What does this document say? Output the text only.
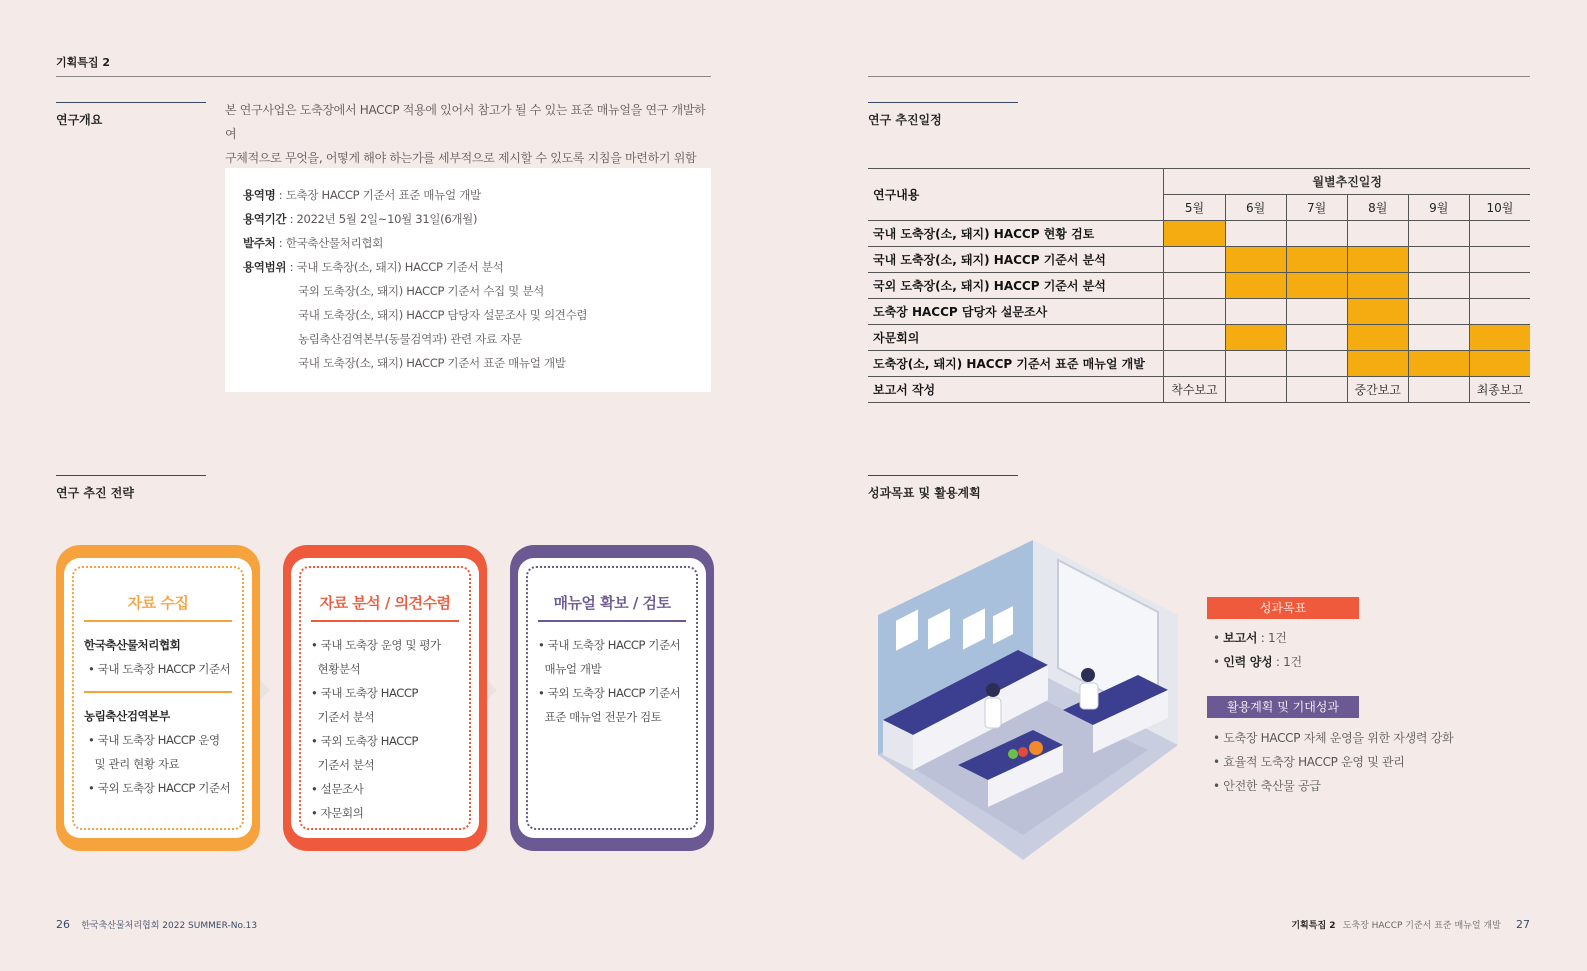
기획특집 2
연구개요
본 연구사업은 도축장에서 HACCP 적용에 있어서 참고가 될 수 있는 표준 매뉴얼을 연구 개발하여
구체적으로 무엇을, 어떻게 해야 하는가를 세부적으로 제시할 수 있도록 지침을 마련하기 위함
용역명 : 도축장 HACCP 기준서 표준 매뉴얼 개발
용역기간 : 2022년 5월 2일~10월 31일(6개월)
발주처 : 한국축산물처리협회
용역범위 : 국내 도축장(소, 돼지) HACCP 기준서 분석
국외 도축장(소, 돼지) HACCP 기준서 수집 및 분석
국내 도축장(소, 돼지) HACCP 담당자 설문조사 및 의견수렴
농림축산검역본부(동물검역과) 관련 자료 자문
국내 도축장(소, 돼지) HACCP 기준서 표준 매뉴얼 개발
연구 추진 전략
자료 수집
한국축산물처리협회
• 국내 도축장 HACCP 기준서
농림축산검역본부
• 국내 도축장 HACCP 운영
및 관리 현황 자료
• 국외 도축장 HACCP 기준서
자료 분석 / 의견수렴
• 국내 도축장 운영 및 평가
현황분석
• 국내 도축장 HACCP
기준서 분석
• 국외 도축장 HACCP
기준서 분석
• 설문조사
• 자문회의
매뉴얼 확보 / 검토
• 국내 도축장 HACCP 기준서
매뉴얼 개발
• 국외 도축장 HACCP 기준서
표준 매뉴얼 전문가 검토
연구 추진일정
연구내용	월별추진일정					
	5월	6월	7월	8월	9월	10월
국내 도축장(소, 돼지) HACCP 현황 검토						
국내 도축장(소, 돼지) HACCP 기준서 분석						
국외 도축장(소, 돼지) HACCP 기준서 분석						
도축장 HACCP 담당자 설문조사						
자문회의						
도축장(소, 돼지) HACCP 기준서 표준 매뉴얼 개발						
보고서 작성	착수보고			중간보고		최종보고
성과목표 및 활용계획
성과목표
• 보고서 : 1건
• 인력 양성 : 1건
활용계획 및 기대성과
• 도축장 HACCP 자체 운영을 위한 자생력 강화
• 효율적 도축장 HACCP 운영 및 관리
• 안전한 축산물 공급
26 한국축산물처리협회 2022 SUMMER-No.13	기획특집 2 도축장 HACCP 기준서 표준 매뉴얼 개발 27
